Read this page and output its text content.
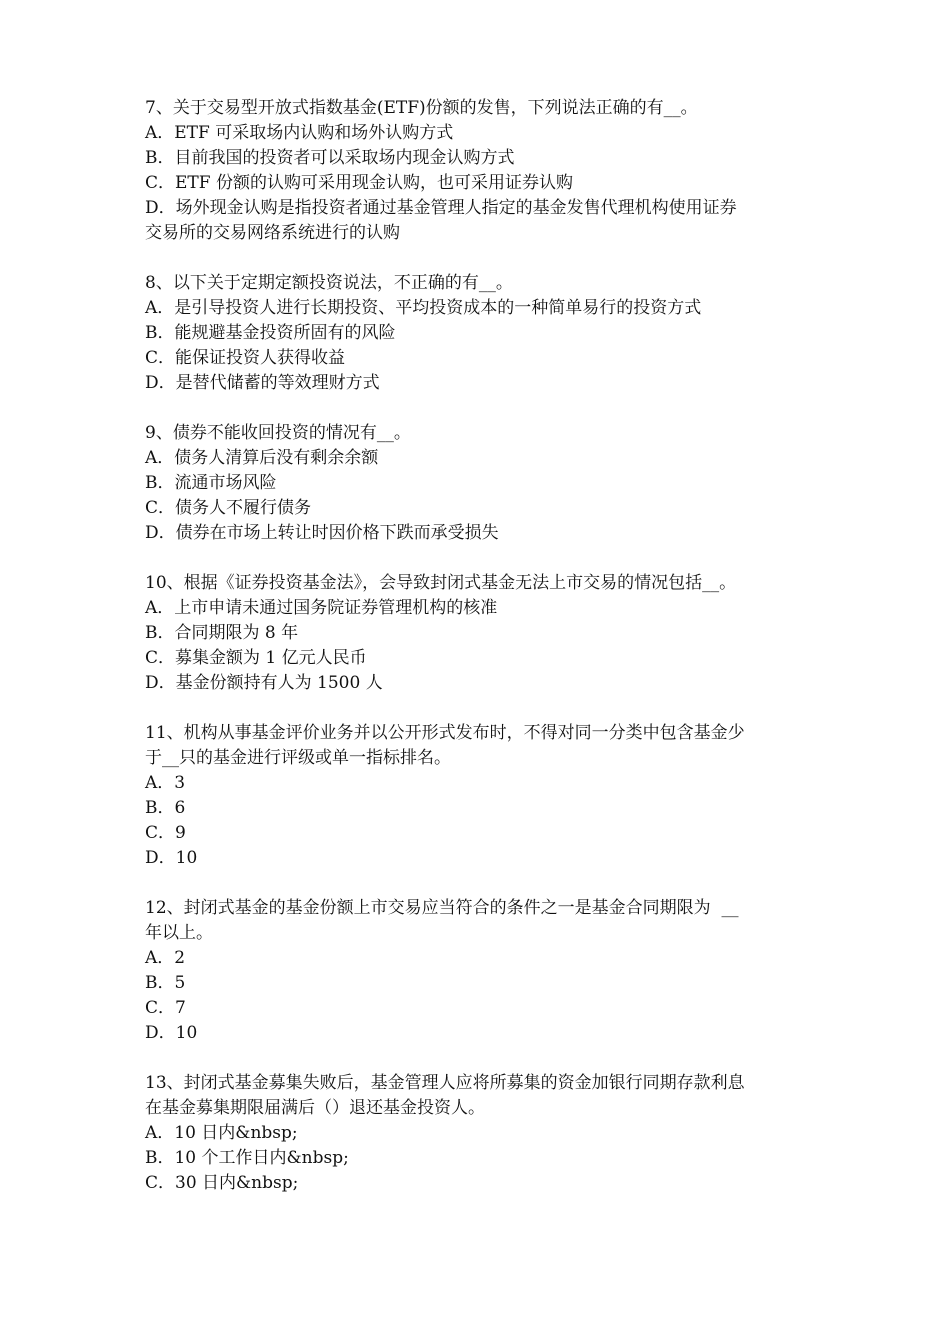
7、关于交易型开放式指数基金(ETF)份额的发售，下列说法正确的有__。
A．ETF 可采取场内认购和场外认购方式
B．目前我国的投资者可以采取场内现金认购方式
C．ETF 份额的认购可采用现金认购，也可采用证券认购
D．场外现金认购是指投资者通过基金管理人指定的基金发售代理机构使用证券
交易所的交易网络系统进行的认购
8、以下关于定期定额投资说法，不正确的有__。
A．是引导投资人进行长期投资、平均投资成本的一种简单易行的投资方式
B．能规避基金投资所固有的风险
C．能保证投资人获得收益
D．是替代储蓄的等效理财方式
9、债券不能收回投资的情况有__。
A．债务人清算后没有剩余余额
B．流通市场风险
C．债务人不履行债务
D．债券在市场上转让时因价格下跌而承受损失
10、根据《证券投资基金法》，会导致封闭式基金无法上市交易的情况包括__。
A．上市申请未通过国务院证券管理机构的核准
B．合同期限为 8 年
C．募集金额为 1 亿元人民币
D．基金份额持有人为 1500 人
11、机构从事基金评价业务并以公开形式发布时，不得对同一分类中包含基金少
于__只的基金进行评级或单一指标排名。
A．3
B．6
C．9
D．10
12、封闭式基金的基金份额上市交易应当符合的条件之一是基金合同期限为  __
年以上。
A．2
B．5
C．7
D．10
13、封闭式基金募集失败后，基金管理人应将所募集的资金加银行同期存款利息
在基金募集期限届满后（）退还基金投资人。
A．10 日内&nbsp;
B．10 个工作日内&nbsp;
C．30 日内&nbsp;
